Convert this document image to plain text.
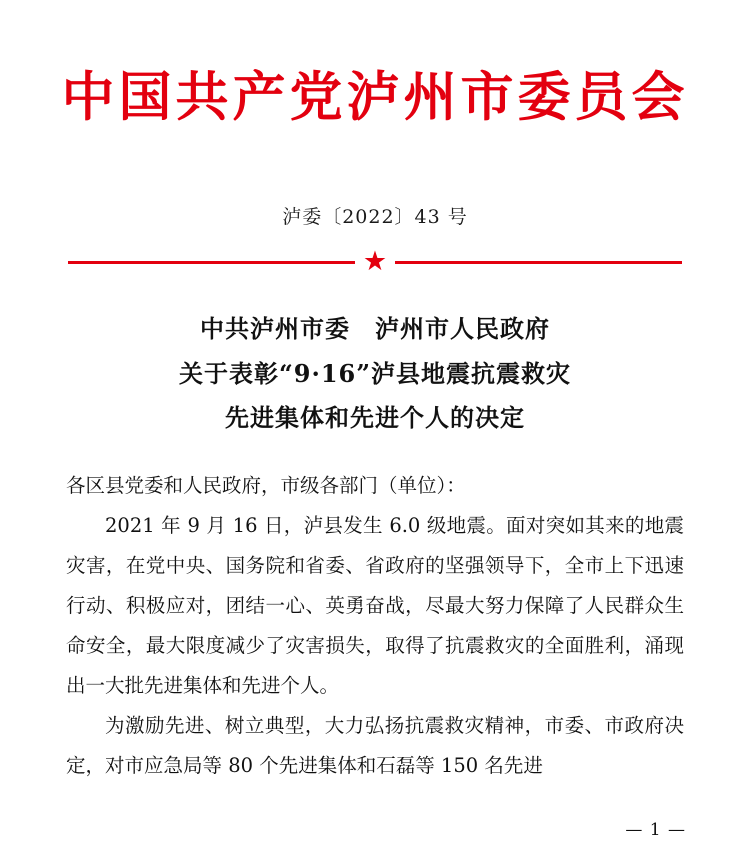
中国共产党泸州市委员会
泸委〔2022〕43 号
★
中共泸州市委　泸州市人民政府
关于表彰“9·16”泸县地震抗震救灾
先进集体和先进个人的决定

各区县党委和人民政府，市级各部门（单位）：

2021 年 9 月 16 日，泸县发生 6.0 级地震。面对突如其来的地震灾害，在党中央、国务院和省委、省政府的坚强领导下，全市上下迅速行动、积极应对，团结一心、英勇奋战，尽最大努力保障了人民群众生命安全，最大限度减少了灾害损失，取得了抗震救灾的全面胜利，涌现出一大批先进集体和先进个人。

为激励先进、树立典型，大力弘扬抗震救灾精神，市委、市政府决定，对市应急局等 80 个先进集体和石磊等 150 名先进

— 1 —
